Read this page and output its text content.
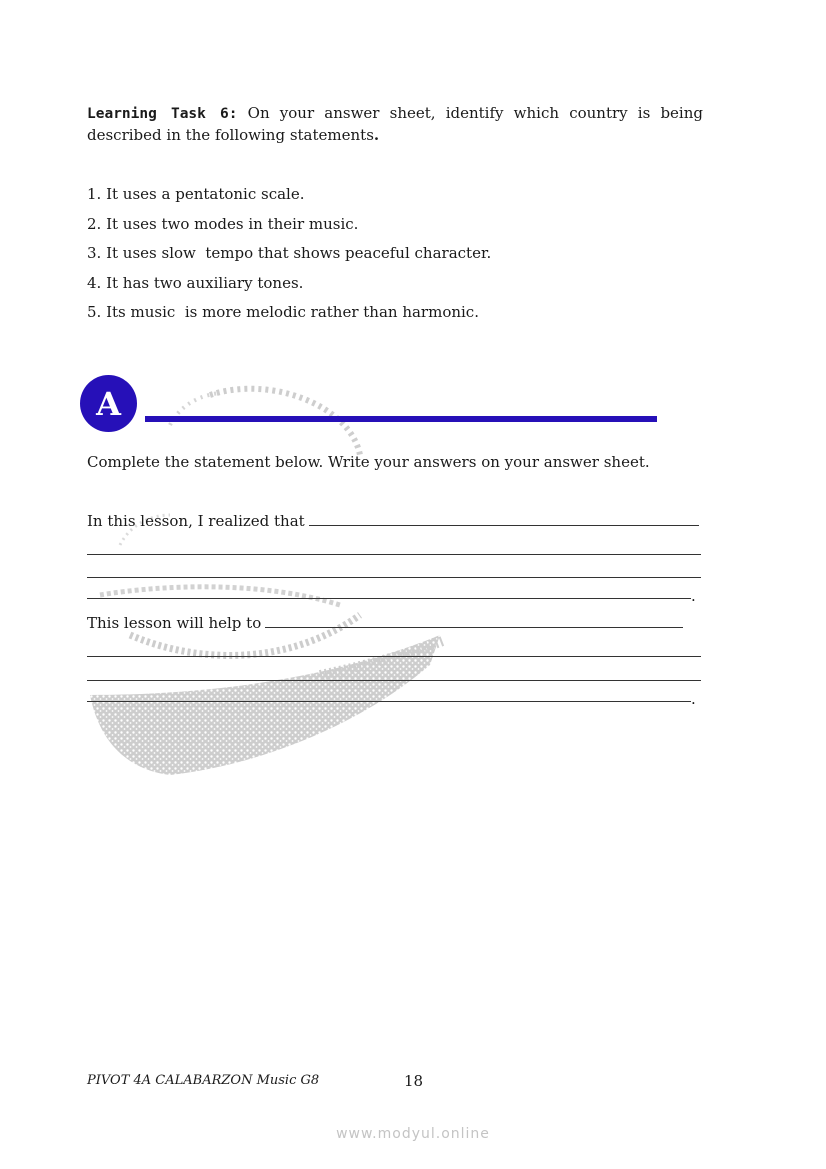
Learning Task 6: On your answer sheet, identify which country is being described in the following statements.

1. It uses a pentatonic scale.
2. It uses two modes in their music.
3. It uses slow  tempo that shows peaceful character.
4. It has two auxiliary tones.
5. Its music  is more melodic rather than harmonic.
A

Complete the statement below. Write your answers on your answer sheet.

In this lesson, I realized that

.

This lesson will help to

.

PIVOT 4A CALABARZON Music G8	18

www.modyul.online
